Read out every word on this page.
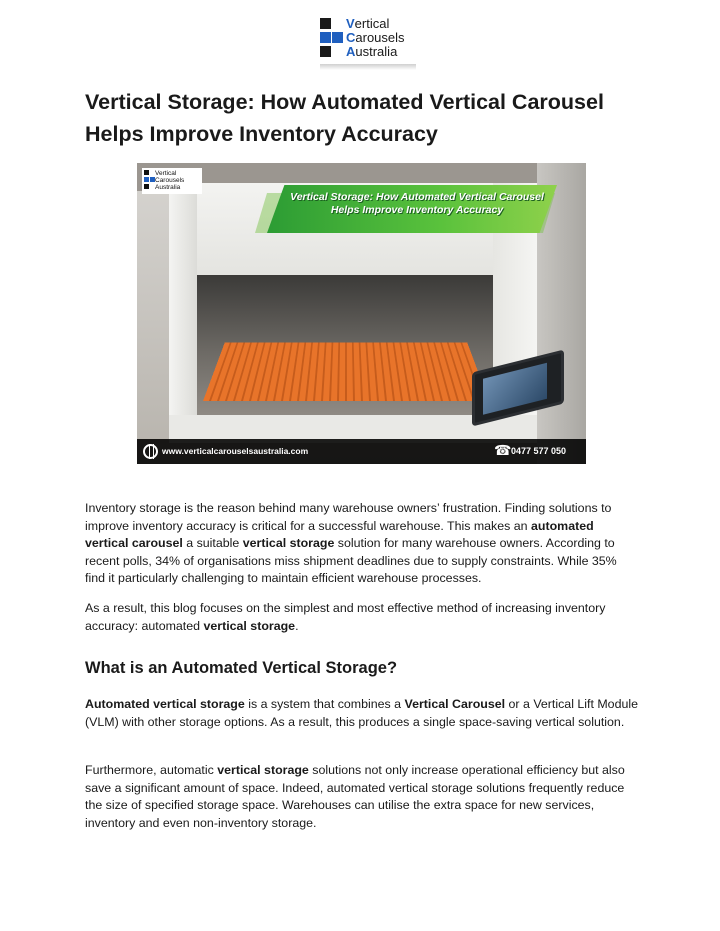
Vertical
Carousels
Australia
Vertical Storage: How Automated Vertical Carousel Helps Improve Inventory Accuracy
Vertical Storage: How Automated Vertical Carousel Helps Improve Inventory Accuracy
Vertical
Carousels
Australia
www.verticalcarouselsaustralia.com	☎ 0477 577 050

Inventory storage is the reason behind many warehouse owners’ frustration. Finding solutions to improve inventory accuracy is critical for a successful warehouse. This makes an automated vertical carousel a suitable vertical storage solution for many warehouse owners. According to recent polls, 34% of organisations miss shipment deadlines due to supply constraints. While 35% find it particularly challenging to maintain efficient warehouse processes.

As a result, this blog focuses on the simplest and most effective method of increasing inventory accuracy: automated vertical storage.

What is an Automated Vertical Storage?

Automated vertical storage is a system that combines a Vertical Carousel or a Vertical Lift Module (VLM) with other storage options. As a result, this produces a single space-saving vertical solution.

Furthermore, automatic vertical storage solutions not only increase operational efficiency but also save a significant amount of space. Indeed, automated vertical storage solutions frequently reduce the size of specified storage space. Warehouses can utilise the extra space for new services, inventory and even non-inventory storage.
